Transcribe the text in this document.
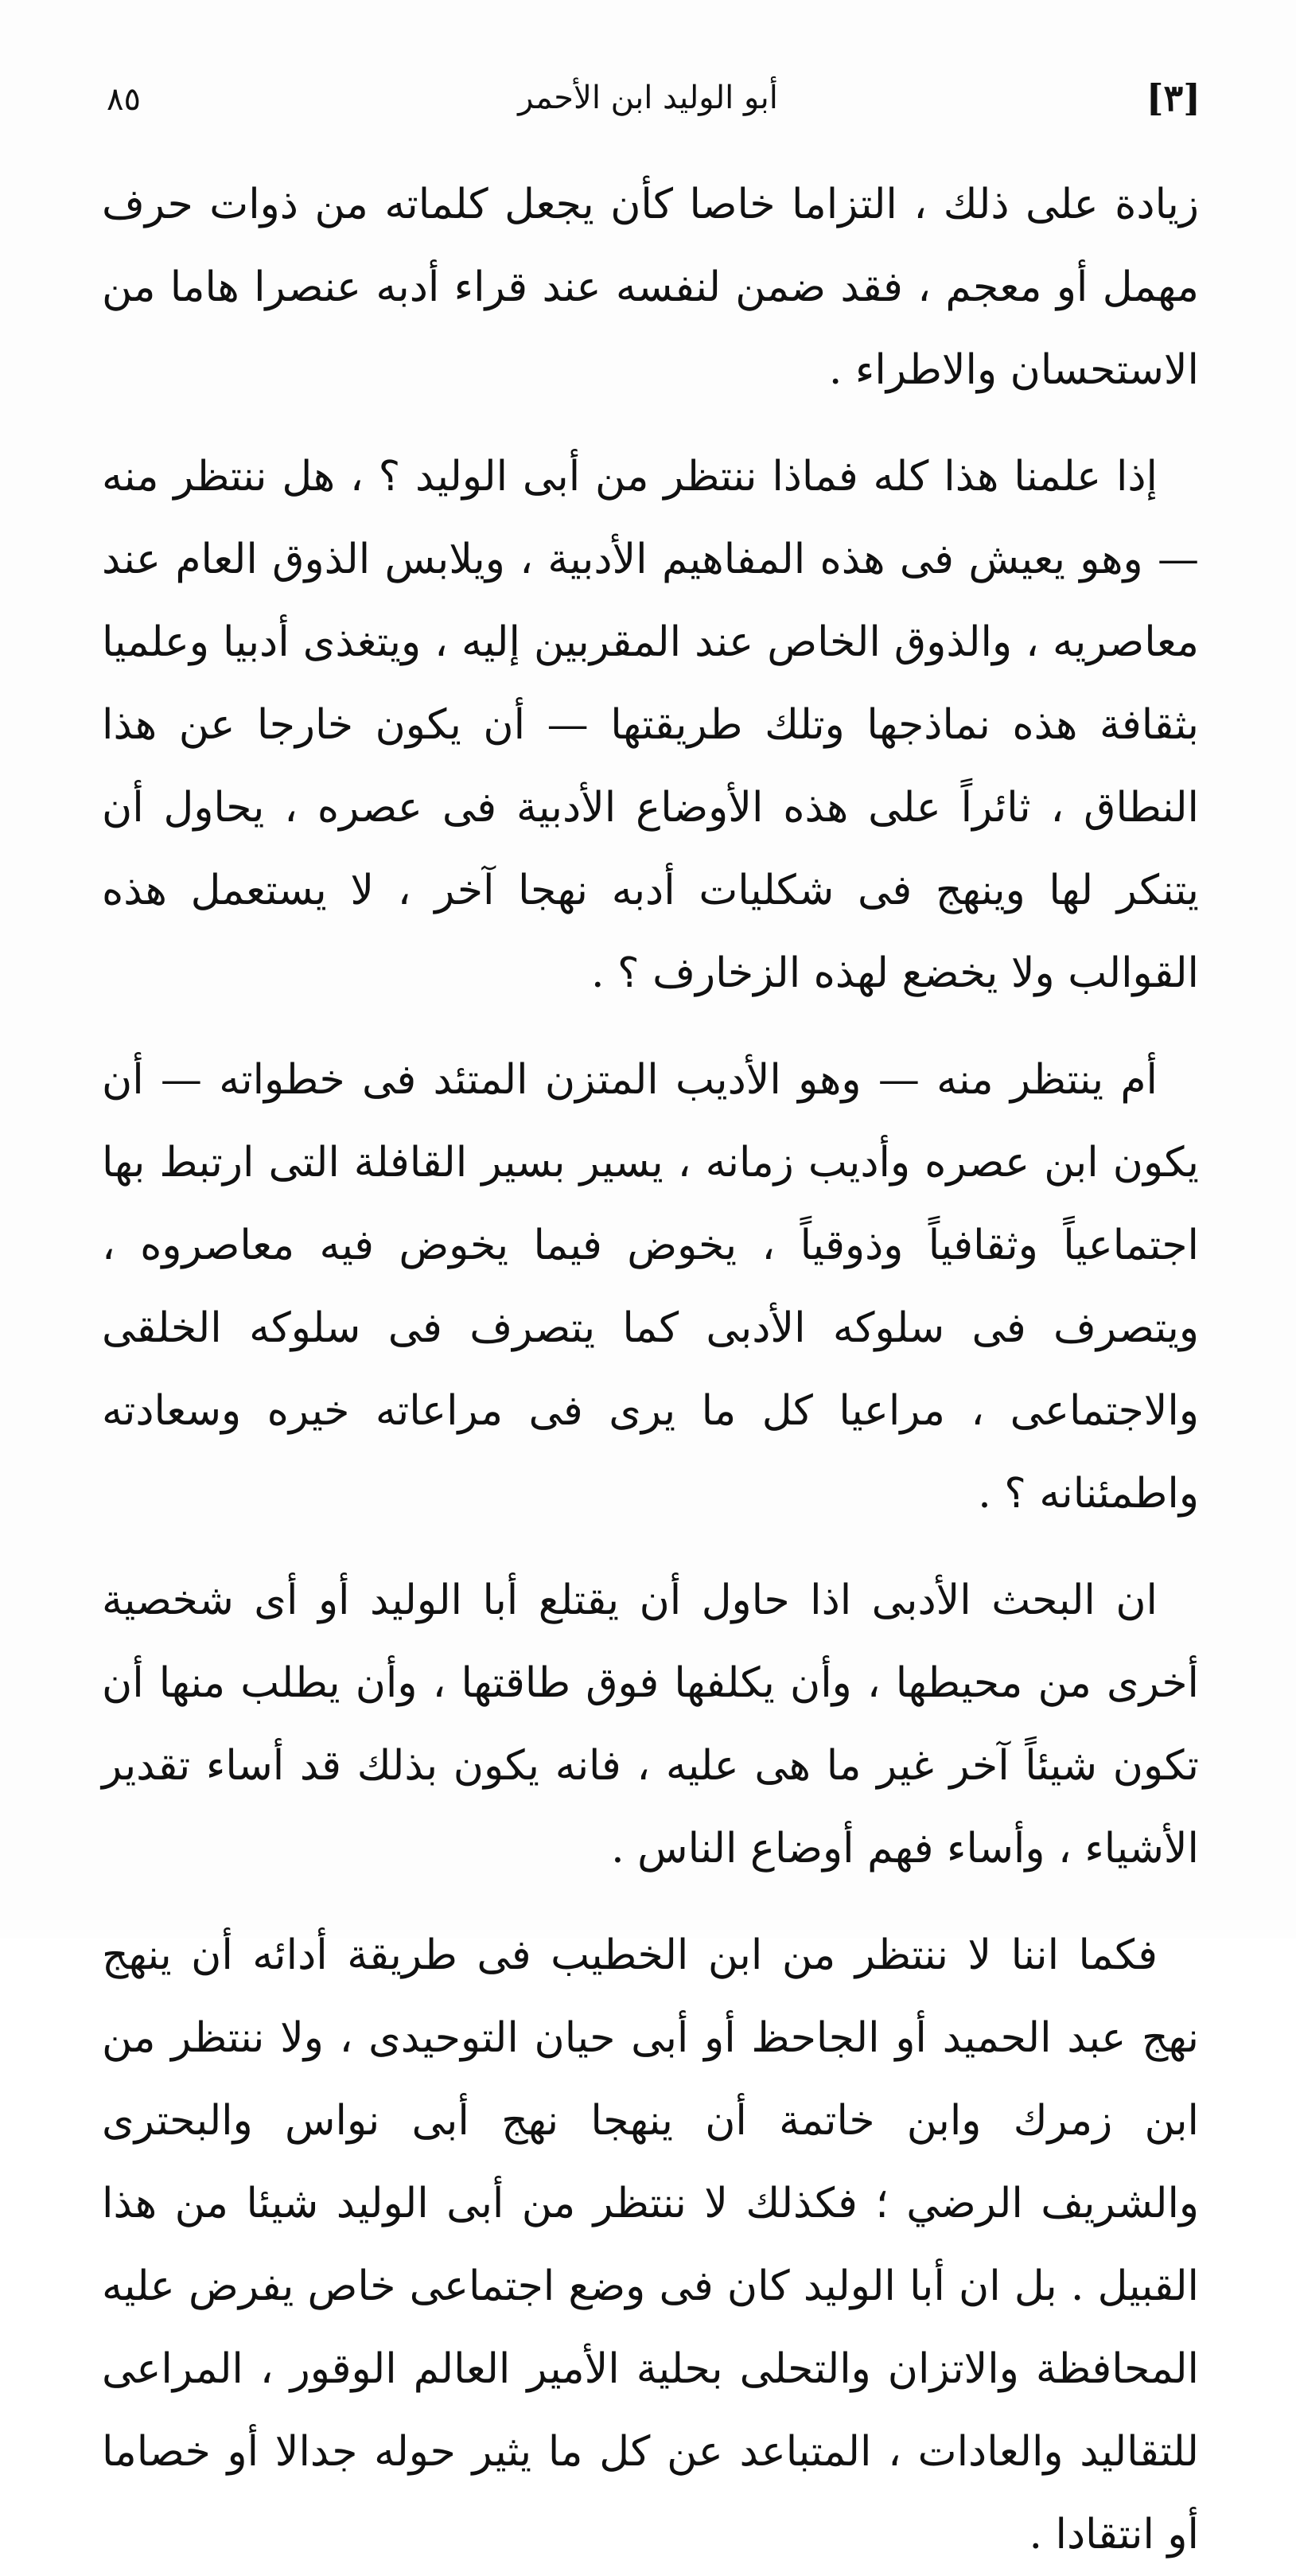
٨٥	أبو الوليد ابن الأحمر	[٣]

زيادة على ذلك ، التزاما خاصا كأن يجعل كلماته من ذوات حرف مهمل أو معجم ، فقد ضمن لنفسه عند قراء أدبه عنصرا هاما من الاستحسان والاطراء .

إذا علمنا هذا كله فماذا ننتظر من أبى الوليد ؟ ، هل ننتظر منه — وهو يعيش فى هذه المفاهيم الأدبية ، ويلابس الذوق العام عند معاصريه ، والذوق الخاص عند المقربين إليه ، ويتغذى أدبيا وعلميا بثقافة هذه نماذجها وتلك طريقتها — أن يكون خارجا عن هذا النطاق ، ثائراً على هذه الأوضاع الأدبية فى عصره ، يحاول أن يتنكر لها وينهج فى شكليات أدبه نهجا آخر ، لا يستعمل هذه القوالب ولا يخضع لهذه الزخارف ؟ .

أم ينتظر منه — وهو الأديب المتزن المتئد فى خطواته — أن يكون ابن عصره وأديب زمانه ، يسير بسير القافلة التى ارتبط بها اجتماعياً وثقافياً وذوقياً ، يخوض فيما يخوض فيه معاصروه ، ويتصرف فى سلوكه الأدبى كما يتصرف فى سلوكه الخلقى والاجتماعى ، مراعيا كل ما يرى فى مراعاته خيره وسعادته واطمئنانه ؟ .

ان البحث الأدبى اذا حاول أن يقتلع أبا الوليد أو أى شخصية أخرى من محيطها ، وأن يكلفها فوق طاقتها ، وأن يطلب منها أن تكون شيئاً آخر غير ما هى عليه ، فانه يكون بذلك قد أساء تقدير الأشياء ، وأساء فهم أوضاع الناس .

فكما اننا لا ننتظر من ابن الخطيب فى طريقة أدائه أن ينهج نهج عبد الحميد أو الجاحظ أو أبى حيان التوحيدى ، ولا ننتظر من ابن زمرك وابن خاتمة أن ينهجا نهج أبى نواس والبحترى والشريف الرضي ؛ فكذلك لا ننتظر من أبى الوليد شيئا من هذا القبيل . بل ان أبا الوليد كان فى وضع اجتماعى خاص يفرض عليه المحافظة والاتزان والتحلى بحلية الأمير العالم الوقور ، المراعى للتقاليد والعادات ، المتباعد عن كل ما يثير حوله جدالا أو خصاما أو انتقادا .
